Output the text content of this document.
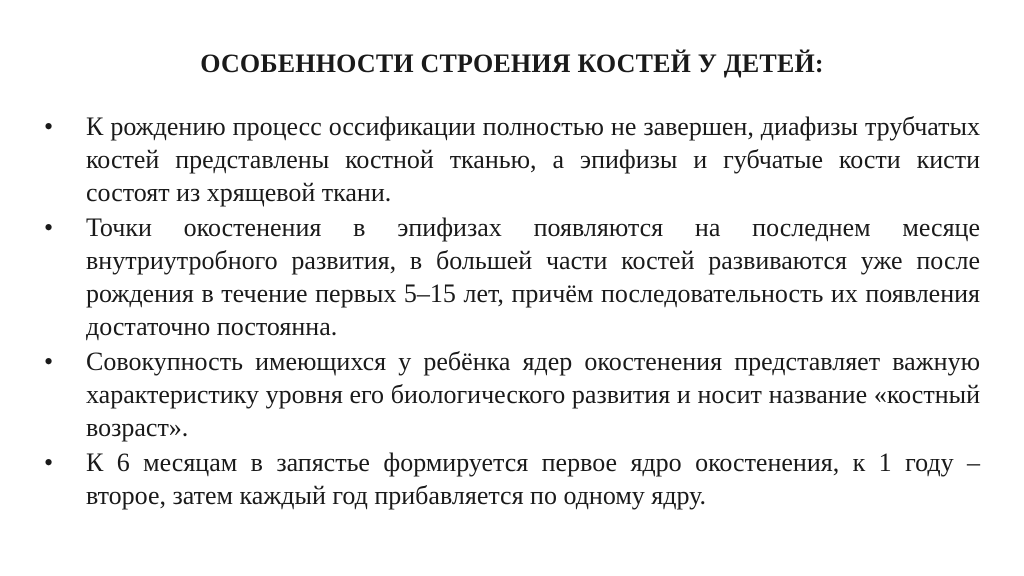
ОСОБЕННОСТИ СТРОЕНИЯ КОСТЕЙ У ДЕТЕЙ:
• К рождению процесс оссификации полностью не завершен, диафизы трубчатых костей представлены костной тканью, а эпифизы и губчатые кости кисти состоят из хрящевой ткани.
• Точки окостенения в эпифизах появляются на последнем месяце внутриутробного развития, в большей части костей развиваются уже после рождения в течение первых 5–15 лет, причём последовательность их появления достаточно постоянна.
• Совокупность имеющихся у ребёнка ядер окостенения представляет важную характеристику уровня его биологического развития и носит название «костный возраст».
• К 6 месяцам в запястье формируется первое ядро окостенения, к 1 году – второе, затем каждый год прибавляется по одному ядру.
